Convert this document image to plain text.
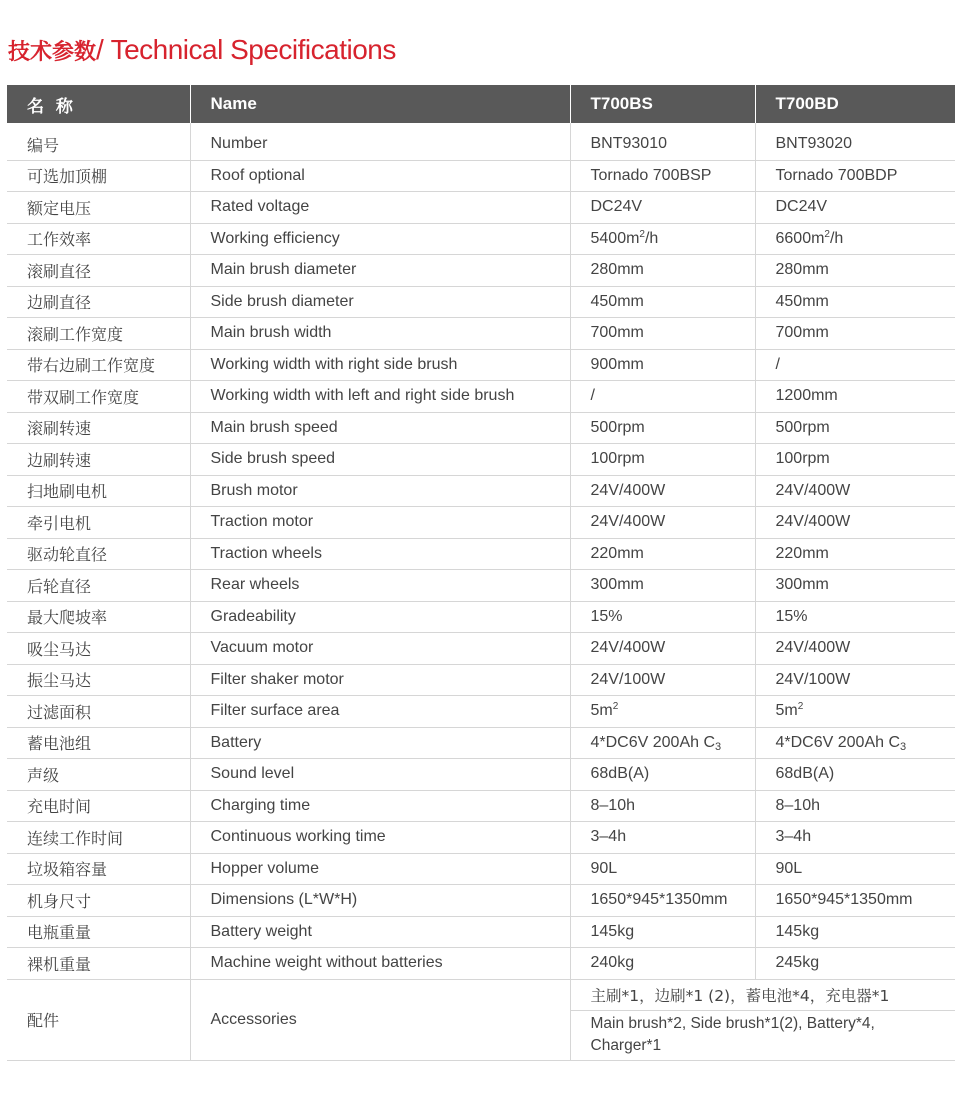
技术参数/ Technical Specifications
名 称	Name	T700BS	T700BD
编号	Number	BNT93010	BNT93020
可选加顶棚	Roof optional	Tornado 700BSP	Tornado 700BDP
额定电压	Rated voltage	DC24V	DC24V
工作效率	Working efficiency	$5400m^2/h$	$6600m^2/h$
滚刷直径	Main brush diameter	280mm	280mm
边刷直径	Side brush diameter	450mm	450mm
滚刷工作宽度	Main brush width	700mm	700mm
带右边刷工作宽度	Working width with right side brush	900mm	/
带双刷工作宽度	Working width with left and right side brush	/	1200mm
滚刷转速	Main brush speed	500rpm	500rpm
边刷转速	Side brush speed	100rpm	100rpm
扫地刷电机	Brush motor	24V/400W	24V/400W
牵引电机	Traction motor	24V/400W	24V/400W
驱动轮直径	Traction wheels	220mm	220mm
后轮直径	Rear wheels	300mm	300mm
最大爬坡率	Gradeability	15%	15%
吸尘马达	Vacuum motor	24V/400W	24V/400W
振尘马达	Filter shaker motor	24V/100W	24V/100W
过滤面积	Filter surface area	$5m^2$	$5m^2$
蓄电池组	Battery	4*DC6V 200Ah $C_3$	4*DC6V 200Ah $C_3$
声级	Sound level	68dB(A)	68dB(A)
充电时间	Charging time	8–10h	8–10h
连续工作时间	Continuous working time	3–4h	3–4h
垃圾箱容量	Hopper volume	90L	90L
机身尺寸	Dimensions (L*W*H)	1650*945*1350mm	1650*945*1350mm
电瓶重量	Battery weight	145kg	145kg
裸机重量	Machine weight without batteries	240kg	245kg
配件	Accessories	主刷*1，边刷*1 (2)，蓄电池*4，充电器*1	
		Main brush*2, Side brush*1(2), Battery*4, Charger*1	
